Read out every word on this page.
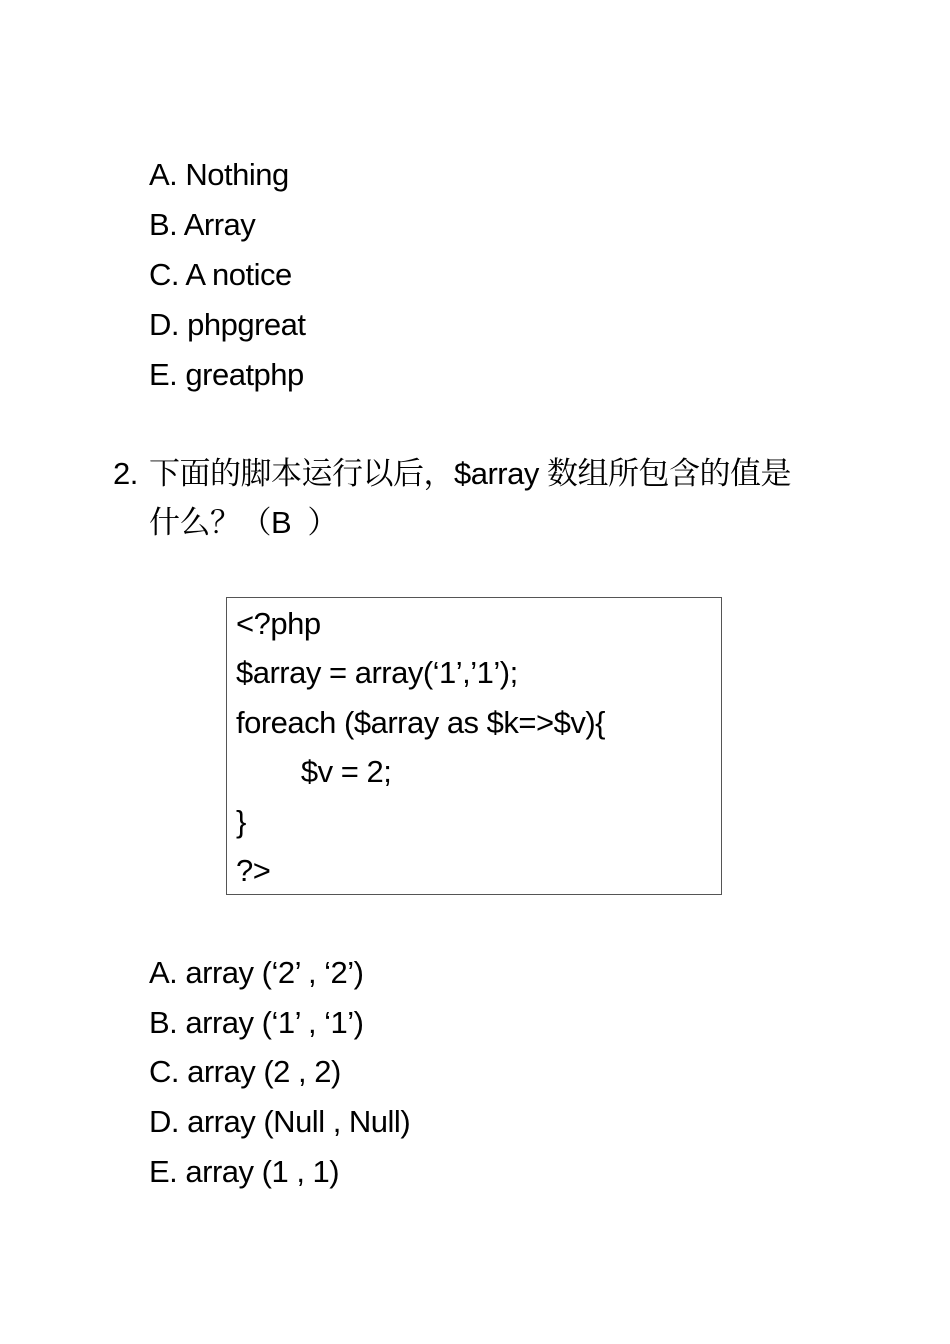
A. Nothing
B. Array
C. A notice
D. phpgreat
E. greatphp
2. 下面的脚本运行以后，$array 数组所包含的值是
什么？（B  ）
<?php
$array = array(‘1’,’1’);
foreach ($array as $k=>$v){
$v = 2;
}
?>
A. array (‘2’ , ‘2’)
B. array (‘1’ , ‘1’)
C. array (2 , 2)
D. array (Null , Null)
E. array (1 , 1)
